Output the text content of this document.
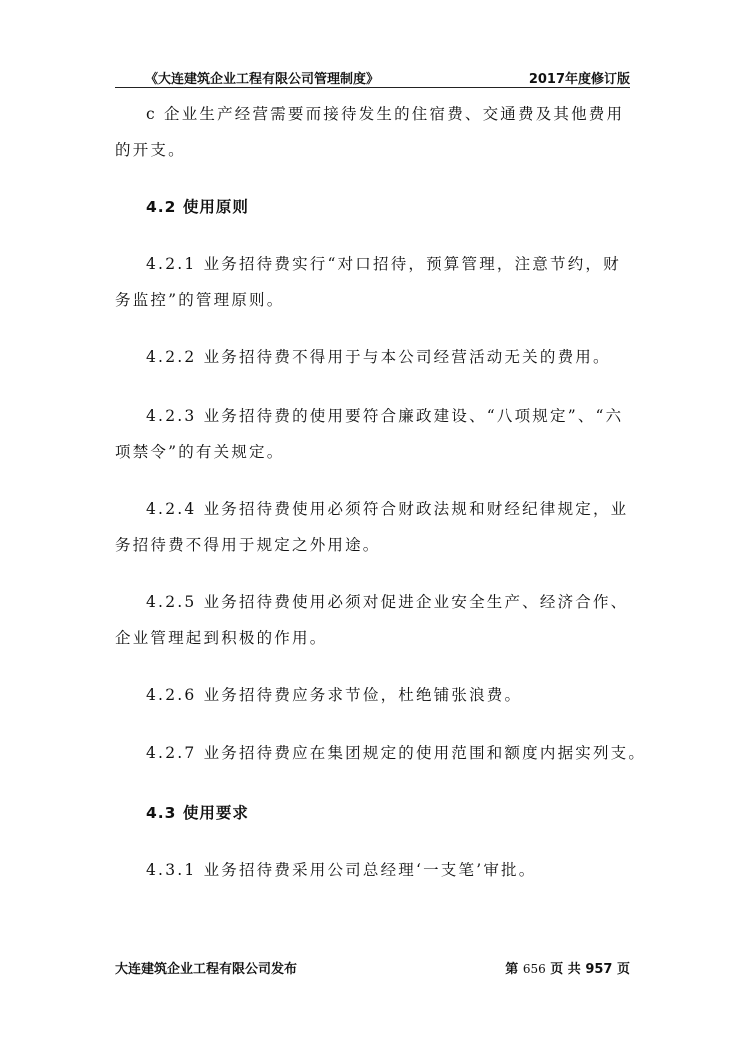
《大连建筑企业工程有限公司管理制度》	2017年度修订版
c 企业生产经营需要而接待发生的住宿费、交通费及其他费用
的开支。
4.2 使用原则
4.2.1 业务招待费实行“对口招待，预算管理，注意节约，财
务监控”的管理原则。
4.2.2 业务招待费不得用于与本公司经营活动无关的费用。
4.2.3 业务招待费的使用要符合廉政建设、“八项规定”、“六
项禁令”的有关规定。
4.2.4 业务招待费使用必须符合财政法规和财经纪律规定，业
务招待费不得用于规定之外用途。
4.2.5 业务招待费使用必须对促进企业安全生产、经济合作、
企业管理起到积极的作用。
4.2.6 业务招待费应务求节俭，杜绝铺张浪费。
4.2.7 业务招待费应在集团规定的使用范围和额度内据实列支。
4.3 使用要求
4.3.1 业务招待费采用公司总经理‘一支笔’审批。
大连建筑企业工程有限公司发布	第 656 页 共 957 页
